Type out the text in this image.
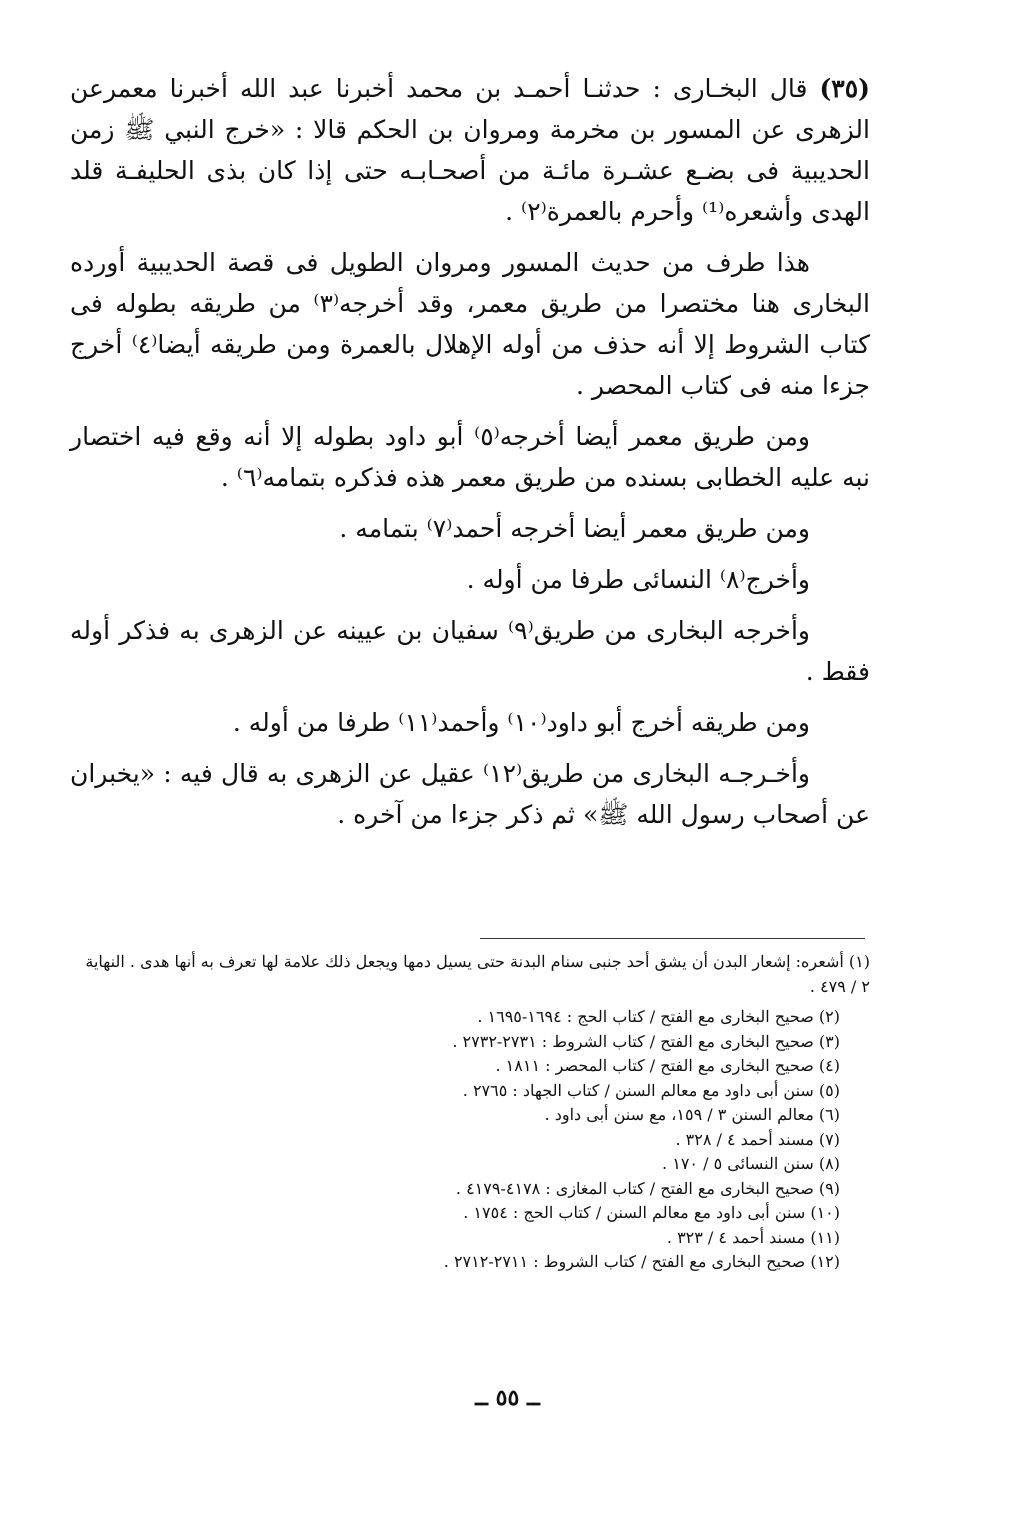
(٣٥) قال البخـارى : حدثنـا أحمـد بن محمد أخبرنا عبد الله أخبرنا معمرعن الزهرى عن المسور بن مخرمة ومروان بن الحكم قالا : «خرج النبي ﷺ زمن الحديبية فى بضـع عشـرة مائـة من أصحـابـه حتى إذا كان بذى الحليفـة قلد الهدى وأشعره⁽¹⁾ وأحرم بالعمرة⁽٢⁾ .

هذا طرف من حديث المسور ومروان الطويل فى قصة الحديبية أورده البخارى هنا مختصرا من طريق معمر، وقد أخرجه⁽٣⁾ من طريقه بطوله فى كتاب الشروط إلا أنه حذف من أوله الإهلال بالعمرة ومن طريقه أيضا⁽٤⁾ أخرج جزءا منه فى كتاب المحصر .

ومن طريق معمر أيضا أخرجه⁽٥⁾ أبو داود بطوله إلا أنه وقع فيه اختصار نبه عليه الخطابى بسنده من طريق معمر هذه فذكره بتمامه⁽٦⁾ .

ومن طريق معمر أيضا أخرجه أحمد⁽٧⁾ بتمامه .

وأخرج⁽٨⁾ النسائى طرفا من أوله .

وأخرجه البخارى من طريق⁽٩⁾ سفيان بن عيينه عن الزهرى به فذكر أوله فقط .

ومن طريقه أخرج أبو داود⁽١٠⁾ وأحمد⁽١١⁾ طرفا من أوله .

وأخـرجـه البخارى من طريق⁽١٢⁾ عقيل عن الزهرى به قال فيه : «يخبران عن أصحاب رسول الله ﷺ» ثم ذكر جزءا من آخره .

(١) أشعره: إشعار البدن أن يشق أحد جنبى سنام البدنة حتى يسيل دمها ويجعل ذلك علامة لها تعرف به أنها هدى . النهاية ٢ / ٤٧٩ .

(٢) صحيح البخارى مع الفتح / كتاب الحج : ١٦٩٤-١٦٩٥ .

(٣) صحيح البخارى مع الفتح / كتاب الشروط : ٢٧٣١-٢٧٣٢ .

(٤) صحيح البخارى مع الفتح / كتاب المحصر : ١٨١١ .

(٥) سنن أبى داود مع معالم السنن / كتاب الجهاد : ٢٧٦٥ .

(٦) معالم السنن ٣ / ١٥٩، مع سنن أبى داود .

(٧) مسند أحمد ٤ / ٣٢٨ .

(٨) سنن النسائى ٥ / ١٧٠ .

(٩) صحيح البخارى مع الفتح / كتاب المغازى : ٤١٧٨-٤١٧٩ .

(١٠) سنن أبى داود مع معالم السنن / كتاب الحج : ١٧٥٤ .

(١١) مسند أحمد ٤ / ٣٢٣ .

(١٢) صحيح البخارى مع الفتح / كتاب الشروط : ٢٧١١-٢٧١٢ .

ــ ٥٥ ــ
